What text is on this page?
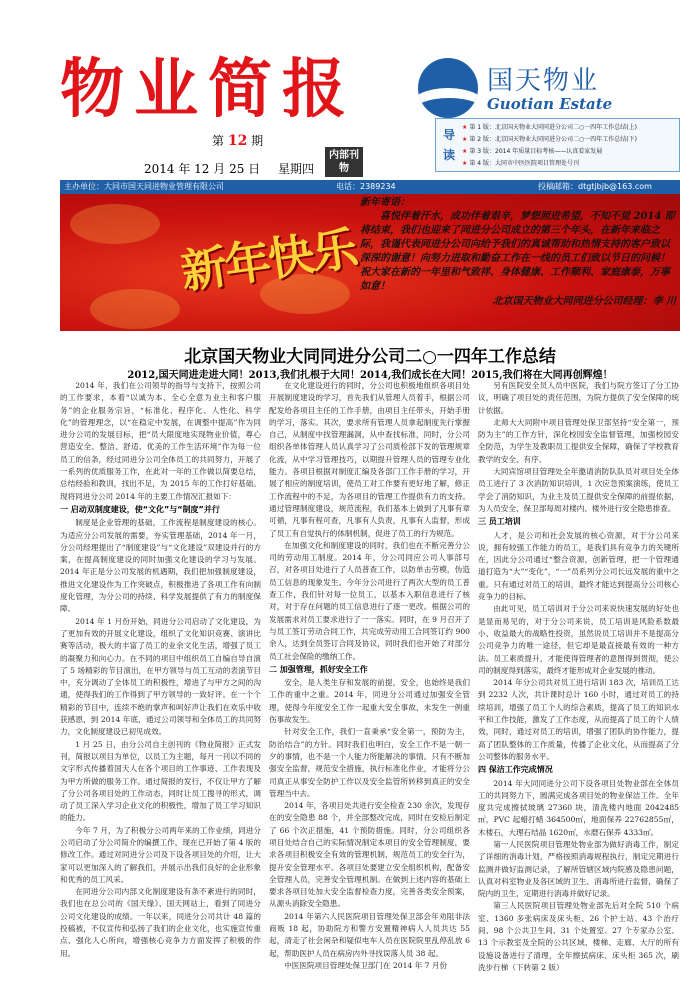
物业简报
第 12 期
2014 年 12 月 25 日 星期四
内部刊物
国天物业
Guotian Estate
导读
★ 第 1 版：北京国天物业大同同进分公司二○一四年工作总结(上)
★ 第 2 版：北京国天物业大同同进分公司二○一四年工作总结(下)
★ 第 3 版：2014 年质量目标考核——认真看家发展
★ 第 4 版：大同市中医医院项目管理处号刊
主办单位：大同市国天同进物业管理有限公司	电话：2389234	投稿邮箱：dtgtjbjb@163.com
新年快乐
新年寄语：
喜悦伴着汗水，成功伴着艰辛，梦想照进希望，不知不觉 2014 即将结束，我们也迎来了同进分公司成立的第三个年头，在新年来临之际，我谨代表同进分公司向给予我们的真诚帮助和热情支持的客户致以深深的谢意！向努力进取和勤奋工作在一线的员工们致以节日的问候！祝大家在新的一年里和气致祥、身体健康、工作顺利、家庭康泰，万事如意！
北京国天物业大同同进分公司经理：李 川
北京国天物业大同同进分公司二○一四年工作总结
2012,国天同进走进大同！2013,我们扎根于大同！2014,我们成长在大同！2015,我们将在大同再创辉煌！

2014 年，我们在公司领导的指导与支持下，按照公司的工作要求，本着“以诚为本、全心全意为业主和客户服务”的企业服务宗旨，“标准化、程序化、人性化、科学化”的管理理念，以“在稳定中发展，在调整中提高”作为同进分公司的发展目标，把“员大限度地实现物业价值，尊心营造安全、整洁、舒适、优美的工作生活环境”作为每一位员工的信条，经过同进分公司全体员工的共同努力，开展了一系列的优质服务工作，在此对一年的工作做以简要总结，总结经验和教训，找出不足，为 2015 年的工作打好基础。现将同进分公司 2014 年的主要工作情况汇报如下：

一 启动双制度建设，使“文化”与“制度”并行

制度是企业管理的基础，工作流程是制度建设的核心。为适应分公司发展的需要，夯实管理基础，2014 年一月，分公司经理提出了“制度建设”与“文化建设”双建设并行的方案，在提高制度建设的同时加强文化建设的学习与发展。2014 年正是分公司发展的机遇期，我们把加强制度建设，推进文化建设作为工作突破点，积极推进了各项工作有向制度化管理，为分公司的持续、科学发展提供了有力的制度保障。

2014 年 1 月份开始，同进分公司启动了文化建设，为了更加有效的开展文化建设，组织了文化知识竞赛、演讲比赛等活动，极大的丰富了员工的业余文化生活，增强了员工的凝聚力和向心力。在不同的项目中组织员工自编自导自演了 5 场精彩的节目演出，在甲方领导与员工互动的表演节目中，充分调动了全体员工的积极性，增进了与甲方之间的沟通，使得我们的工作得到了甲方领导的一致好评。在一个个精彩的节目中，连续不绝的掌声和呵好声让我们在欢乐中收获感恩，到 2014 年底，通过公司领导和全体员工的共同努力，文化制度建设已初见成效。

1 月 25 日，由分公司自主创刊的《物业简报》正式发刊，简报以项目为单位，以员工为主题，每月一刊以不同的文字形式传播着国天人在各个项目的工作事迹、工作表现及为甲方所做的服务工作。通过简报的发行，不仅让甲方了解了分公司各项目处的工作动态，同时让员工搜寻的形式，调动了员工深入学习企业文化的积极性，增加了员工学习知识的能力。

今年 7 月，为了积极分公司两年来的工作业绩，同进分公司启动了分公司简介的编撰工作，现在已开始了第 4 版的修改工作。通过对同进分公司及下设各项目处的介绍，让大家可以更加深入的了解我们，并展示出我们良好的企业形象和优秀的员工风采。

在同进分公司内部文化制度建设有条不紊进行的同时，我们也在总公司的《国天缘》、国天网站上，看到了同进分公司文化建设的成绩。一年以来，同进分公司共计 48 篇的投稿被，不仅宣传和弘扬了我们的企业文化，也实施宣传重点、强化人心所向，增强核心竞争力方面发挥了积极的作用。

在文化建设进行的同时，分公司也积极地组织各项目处开展制度建设的学习，首先我们从管理人员着手，根据公司配发给各项目主任的工作手册，由项目主任带头，开始手册的学习，落实。其次，要求所有管理人员拿起制度先行掌握自己，从制度中找管理漏洞，从中查找标准，同时，分公司组织各单体管理人员认真学习了公司质检部下发的管理规章化流，从中学习管理技巧，以期提升管理人员的管理专业化能力。各项目根据对制度汇编及各部门工作手册的学习，开展了相应的制度培训，使员工对工作要有更好地了解，修正工作流程中的不足，为各项目的管理工作提供有力的支持。通过管理制度建设，规范流程，我们基本上做到了凡事有章可循，凡事有程可查，凡事有人负责，凡事有人监督，形成了员工有自觉执行的体制机制，促进了员工的行为规范。

在加强文化和制度建设的同时，我们也在不断完善分公司的劳动用工制度。2014 年，分公司同应公司人事部号召，对各项目处进行了人员普查工作，以防单击劳模，伪造员工信息的现象发生。今年分公司进行了两次大型的员工普查工作，我们针对每一位员工，以基本入职信息进行了核对，对于存在问题的员工信息进行了逐一更改。根据公司的发展需求对员工要求进行了一一落实。同时，在 9 月召开了与员工签订劳动合同工作，共完成劳动用工合同签订约 900 余人，达到全员签订合同及协议，同时我们也开始了对部分员工社会保险的缴纳工作。

二 加强管理，抓好安全工作

安全，是人类生存和发展的前提，安全，也始终是我们工作的重中之重。2014 年，同进分公司通过加强安全管理，使得今年度安全工作一起重大安全事故，未发生一例重伤事故发生。

针对安全工作，我们一直秉承“安全第一，预防为主，防治结合”的方针。同时我们也明白，安全工作不是一朝一夕的事情，也不是一个人能力所能解决的事情。只有不断加强安全监督，规范安全措施，执行标准化作业，才能将分公司真正从事安全防护工作以及安全监管所转移到真正的安全管理当中去。

2014 年，各项目处共进行安全检查 230 余次，发现存在的安全隐患 88 个，并全部整改完成，同时在安检后制定了 66 个次正措施，41 个预防措施。同时，分公司组织各项目处结合自己的实际情况制定本项目的安全管理制度，要求各项目积极安全有效的管理机制，规范员工的安全行为，提升安全管理水平。各项目处要建立安全组织机构，配备安全管理人员，完善安全管理机制。在做到上述内容的基础上要求各项目处加大安全监督检查力度，完善各类安全预案，从源头消除安全隐患。

2014 年第六人民医院项目管理处保卫部会年劝阻非法商贩 18 起，协助院方和警方安置精神病人人员共达 55 起，清走了社会闲杂和疑似电车人员在医院院里乱停乱放 6 起，帮助医护人员在病房内外寻找误落人员 38 起。

中医医院项目管理处保卫部门在 2014 年 7 月份

另有医院安全员人员中医院，我们与院方签订了分工协议，明确了项目处的责任范围，为院方提供了安全保障的统计依据。

北师大大同附中项目管理处保卫部坚持“安全第一，预防为主”的工作方针，深化校园安全监督管理，加强校园安全防范，为学生及教职员工提供安全保障，确保了学校教育教学的安全、有序。

大同宾馆项目管理处全年邀请消防队队员对项目处全体员工进行了 3 次消防知识培训，1 次应急预案演练，使员工学会了消防知识，为业主及员工提供安全保障的前提依据，为人员安全、保卫部每周对楼内、楼外进行安全隐患排查。

三 员工培训

人才，是公司和社会发展的核心资源，对于分公司来说，拥有较强工作能力的员工，是我们具有竞争力的关键所在，因此分公司通过“整合资源，创新管理，把一个管理通道打造为“大”“变化”，“一”员系列分公司长远发展的重中之重。只有通过对员工的培训，最终才能达到提高分公司核心竞争力的目标。

由此可见，员工培训对于分公司来说快速发展的好处也是显而易见的，对于分公司来说，员工培训是风险系数最小、收益最大的战略性投资，虽然说员工培训并不是提高分公司竞争力的唯一途径，但它却是最直接最有效的一种方法。员工素质提升，才能使得管理者的意图得到贯彻，使公司的制度得到落实，最终才能形成对企业发展的推动。

2014 年分公司共对员工进行培训 183 次，培训员工达到 2232 人次，共计课时总计 160 小时，通过对员工的持续培训，增强了员工个人的综合素质，提高了员工的知识水平和工作技能，激发了工作态度，从而提高了员工的个人绩效，同时，通过对员工的培训，增强了团队的协作能力，提高了团队整体的工作质量，传播了企业文化，从而提高了分公司整体的服务水平。

四 保洁工作完成情况

2014 年大同同进分公司下设各项目处物业部在全体员工的共同努力下，圆满完成各项目处的物业保洁工作。全年度共完成擦拭玻璃 27360 块，清洗楼内地面 2042485㎡，PVC 起蜡打蜡 364500㎡，地面保养 22762855㎡，木楼石，大理石结晶 1620㎡，水磨石保养 4333㎡。

第一人民医院项目管理处物业部为做好消毒工作，制定了详细的消毒计划，严格按照消毒规程执行，制定完期进行监测并做好监测记录，了解所管辖区域内院感及隐患问题，认真对科室物业及各区域的卫生、消毒所进行监督，确保了院内的卫生，定期进行消毒并做好记录。

第三人民医院项目管理处物业部先后对全院 510 个病室、1360 多张病床及床头柜、26 个护士站、43 个治疗间、98 个公共卫生间、31 个处置室、27 个专家办公室、13 个示教室及全院的公共区域、楼梯、走廊、大厅的所有设施设备进行了清理，全年擦拭病床、床头柜 365 次，刷洗步行梯（下转第 2 版）
